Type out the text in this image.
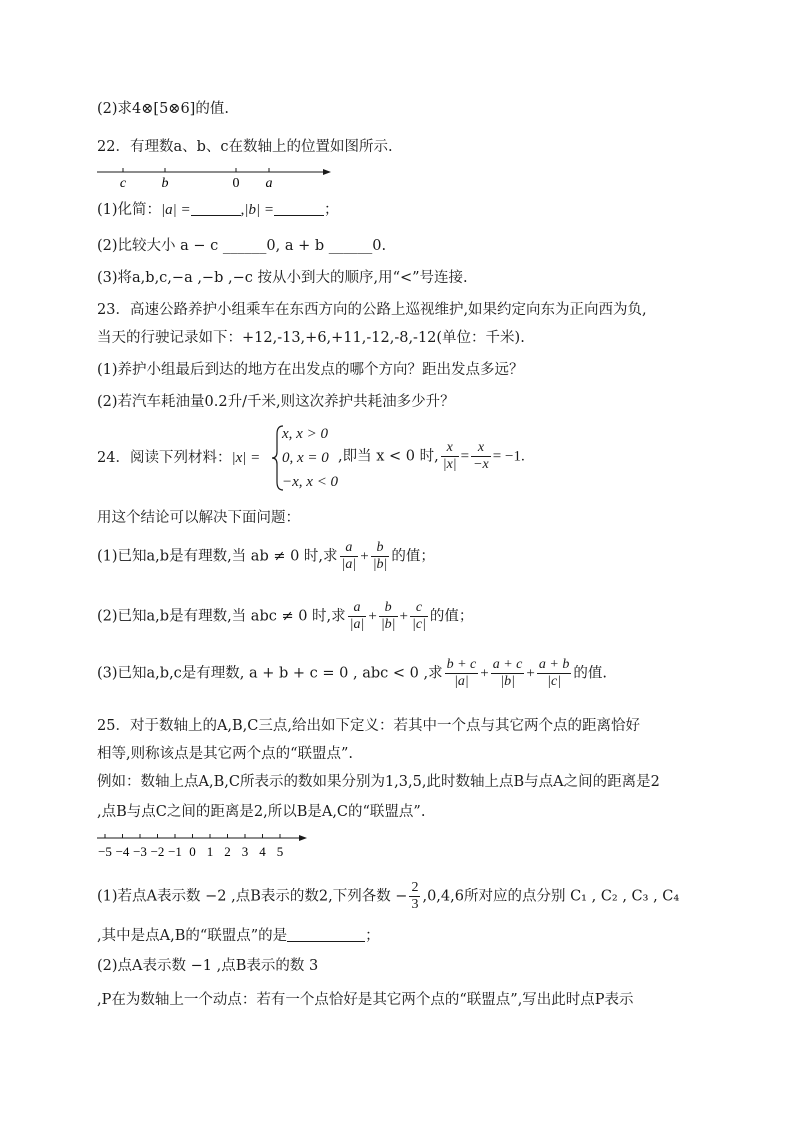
(2)求4⊗[5⊗6]的值.
22．有理数a、b、c在数轴上的位置如图所示.
c	b	0 a
(1)化简：|a| =	,|b| =	；
(2)比较大小 a − c ______0, a + b ______0.
(3)将a,b,c,−a ,−b ,−c 按从小到大的顺序,用“<”号连接.
23．高速公路养护小组乘车在东西方向的公路上巡视维护,如果约定向东为正向西为负,
当天的行驶记录如下：+12,-13,+6,+11,-12,-8,-12(单位：千米).
(1)养护小组最后到达的地方在出发点的哪个方向？距出发点多远？
(2)若汽车耗油量0.2升/千米,则这次养护共耗油多少升？
24．阅读下列材料：|x| =
x, x > 0
0, x = 0
−x, x < 0
,即当 x < 0 时, $\frac{x}{|x|} = \frac{x}{-x} = -1$.
用这个结论可以解决下面问题：
(1)已知a,b是有理数,当 ab ≠ 0 时,求 $\frac{a}{|a|} + \frac{b}{|b|}$ 的值；
(2)已知a,b是有理数,当 abc ≠ 0 时,求 $\frac{a}{|a|} + \frac{b}{|b|} + \frac{c}{|c|}$ 的值；
(3)已知a,b,c是有理数, a + b + c = 0 , abc < 0 ,求 $\frac{b + c}{|a|} + \frac{a + c}{|b|} + \frac{a + b}{|c|}$ 的值.
25．对于数轴上的A,B,C三点,给出如下定义：若其中一个点与其它两个点的距离恰好
相等,则称该点是其它两个点的“联盟点”.
例如：数轴上点A,B,C所表示的数如果分别为1,3,5,此时数轴上点B与点A之间的距离是2
,点B与点C之间的距离是2,所以B是A,C的“联盟点”.
−5 −4 −3 −2 −1 0 1 2 3 4 5
(1)若点A表示数 −2 ,点B表示的数2,下列各数 − $\frac{2}{3} ,0,4,6$所对应的点分别 C₁ , C₂ , C₃ , C₄
,其中是点A,B的“联盟点”的是	；
(2)点A表示数 −1 ,点B表示的数 3
,P在为数轴上一个动点：若有一个点恰好是其它两个点的“联盟点”,写出此时点P表示
